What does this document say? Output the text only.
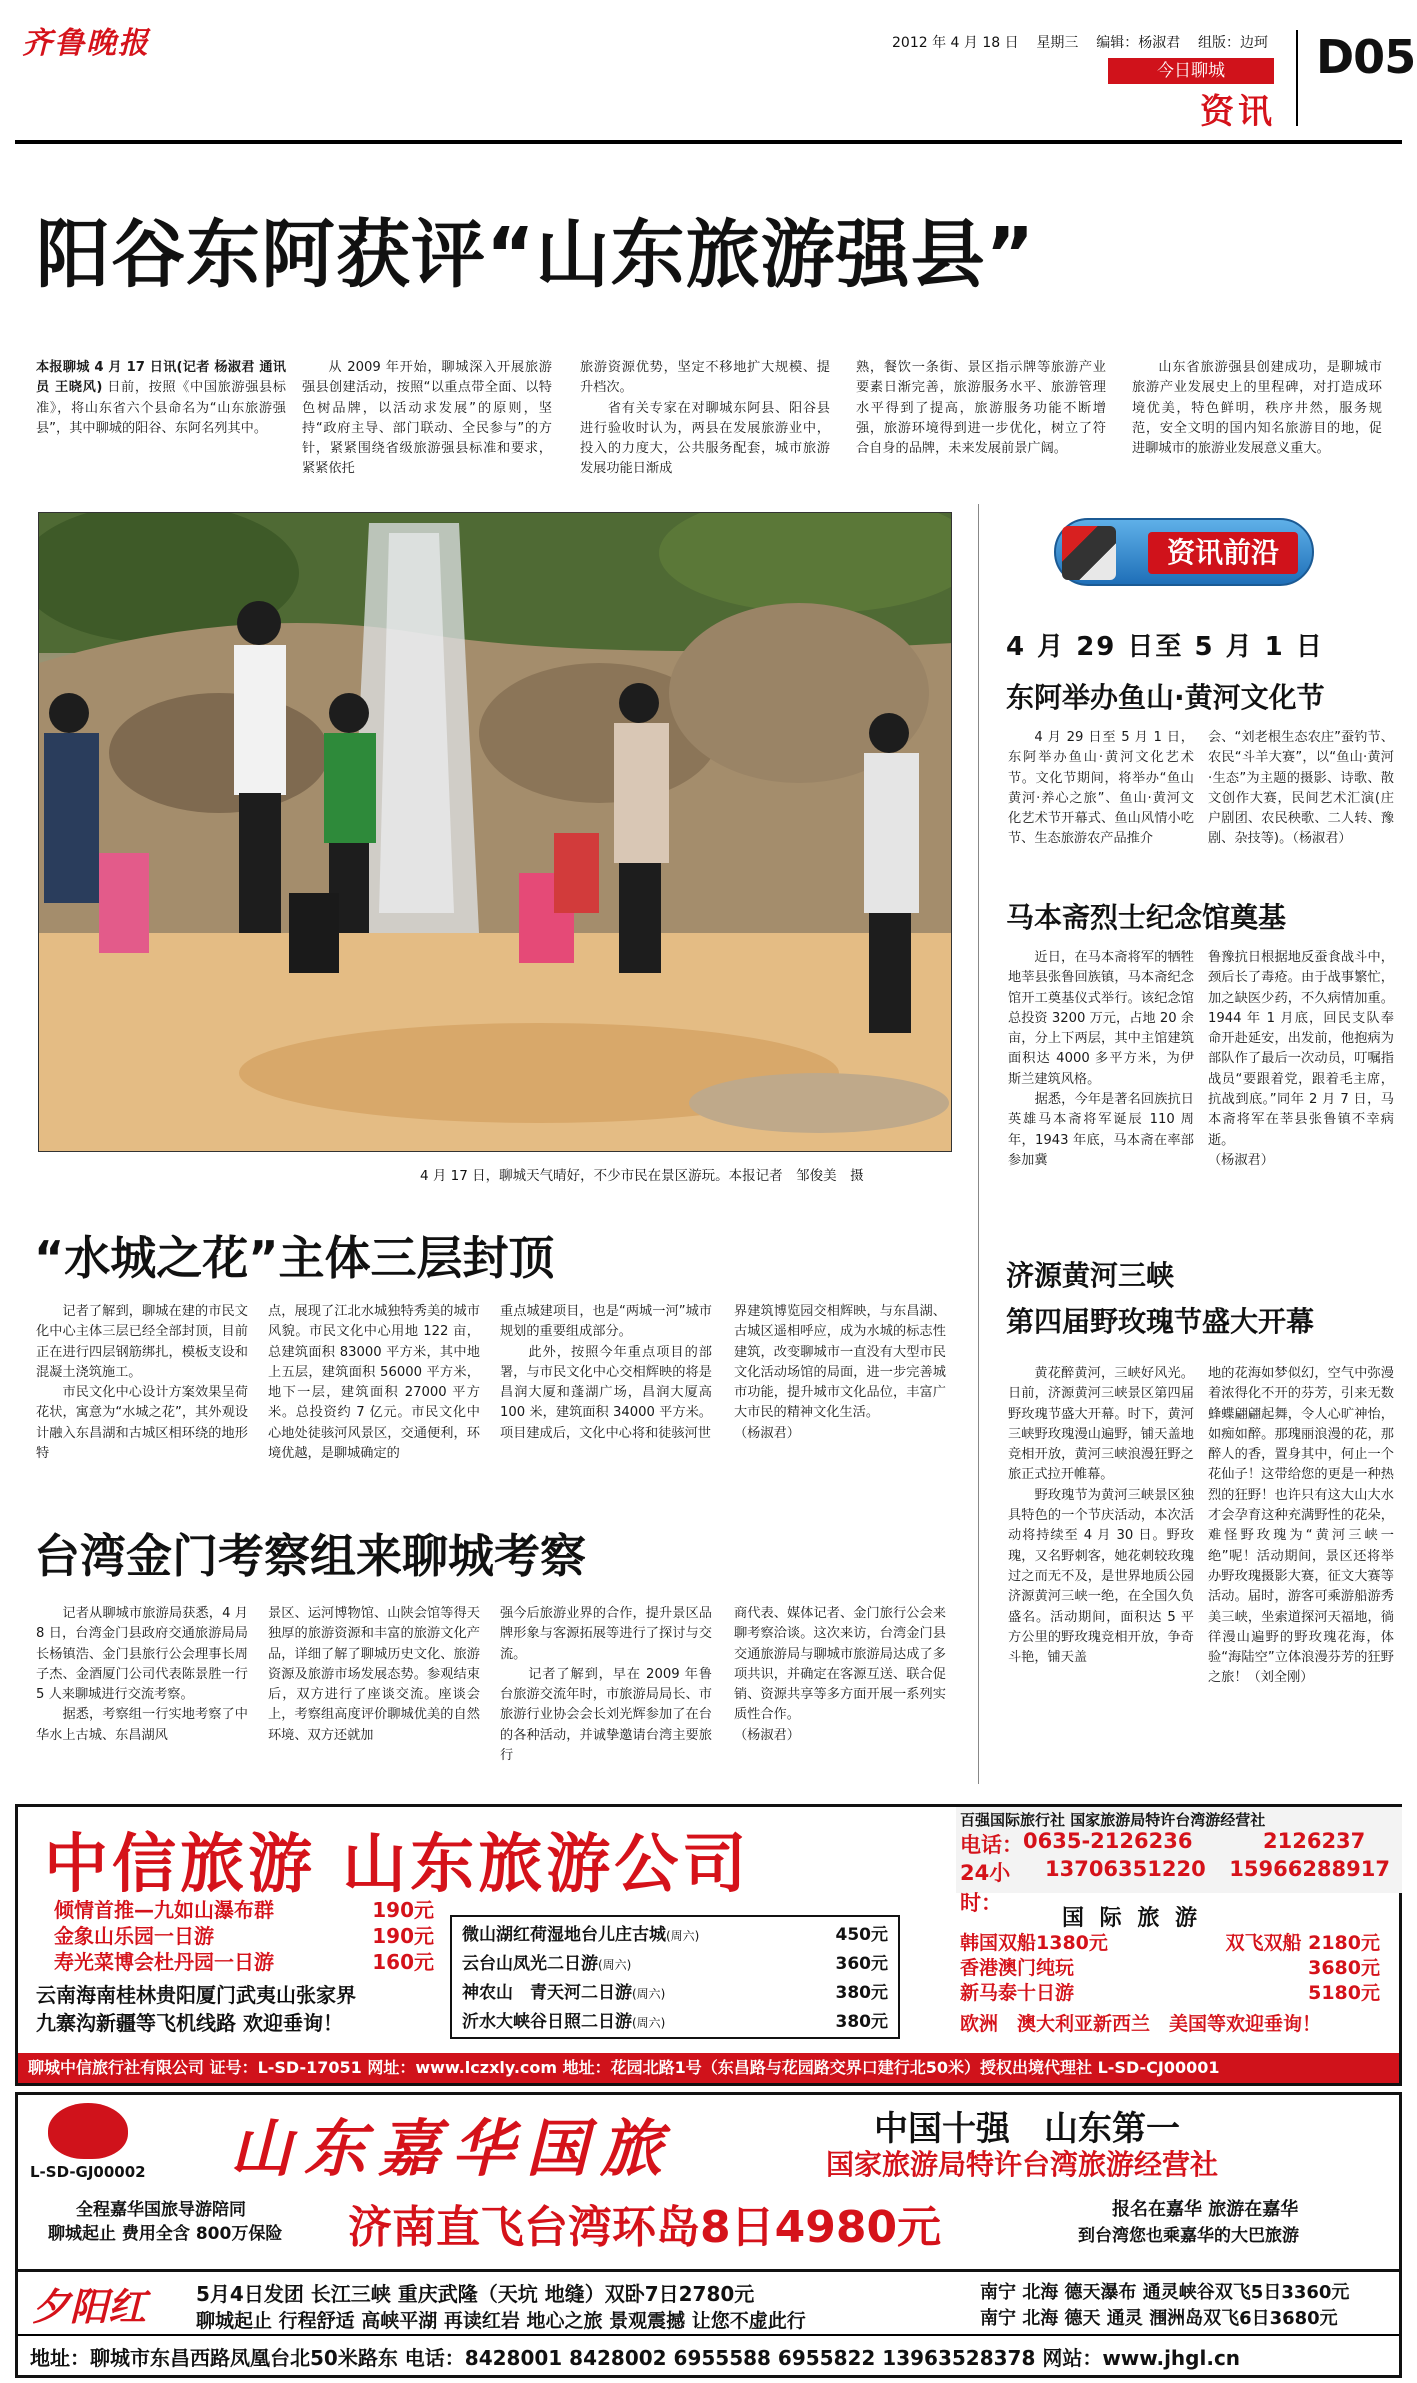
齐鲁晚报	2012 年 4 月 18 日    星期三    编辑：杨淑君    组版：边珂
今日聊城
资讯
D05
阳谷东阿获评“山东旅游强县”
本报聊城 4 月 17 日讯(记者 杨淑君 通讯员 王晓风) 日前，按照《中国旅游强县标准》，将山东省六个县命名为“山东旅游强县”，其中聊城的阳谷、东阿名列其中。
从 2009 年开始，聊城深入开展旅游强县创建活动，按照“以重点带全面、以特色树品牌，以活动求发展”的原则，坚持“政府主导、部门联动、全民参与”的方针，紧紧围绕省级旅游强县标准和要求，紧紧依托
旅游资源优势，坚定不移地扩大规模、提升档次。
　　省有关专家在对聊城东阿县、阳谷县进行验收时认为，两县在发展旅游业中，投入的力度大，公共服务配套，城市旅游发展功能日渐成
熟，餐饮一条街、景区指示牌等旅游产业要素日渐完善，旅游服务水平、旅游管理水平得到了提高，旅游服务功能不断增强，旅游环境得到进一步优化，树立了符合自身的品牌，未来发展前景广阔。
山东省旅游强县创建成功，是聊城市旅游产业发展史上的里程碑，对打造成环境优美，特色鲜明，秩序井然，服务规范，安全文明的国内知名旅游目的地，促进聊城市的旅游业发展意义重大。
4 月 17 日，聊城天气晴好，不少市民在景区游玩。本报记者　邹俊美　摄
资讯前沿
4 月 29 日至 5 月 1 日
东阿举办鱼山·黄河文化节
4 月 29 日至 5 月 1 日，东阿举办鱼山·黄河文化艺术节。文化节期间，将举办“鱼山黄河·养心之旅”、鱼山·黄河文化艺术节开幕式、鱼山风情小吃节、生态旅游农产品推介
会、“刘老根生态农庄”蚕钓节、农民“斗羊大赛”，以“鱼山·黄河·生态”为主题的摄影、诗歌、散文创作大赛，民间艺术汇演(庄户剧团、农民秧歌、二人转、豫剧、杂技等)。（杨淑君）
马本斋烈士纪念馆奠基
近日，在马本斋将军的牺牲地莘县张鲁回族镇，马本斋纪念馆开工奠基仪式举行。该纪念馆总投资 3200 万元，占地 20 余亩，分上下两层，其中主馆建筑面积达 4000 多平方米，为伊斯兰建筑风格。
　　据悉，今年是著名回族抗日英雄马本斋将军诞辰 110 周年，1943 年底，马本斋在率部参加冀
鲁豫抗日根据地反蚕食战斗中，颈后长了毒疮。由于战事繁忙，加之缺医少药，不久病情加重。1944 年 1 月底，回民支队奉命开赴延安，出发前，他抱病为部队作了最后一次动员，叮嘱指战员“要跟着党，跟着毛主席，抗战到底。”同年 2 月 7 日，马本斋将军在莘县张鲁镇不幸病逝。
（杨淑君）
济源黄河三峡
第四届野玫瑰节盛大开幕
黄花醉黄河，三峡好风光。日前，济源黄河三峡景区第四届野玫瑰节盛大开幕。时下，黄河三峡野玫瑰漫山遍野，铺天盖地竞相开放，黄河三峡浪漫狂野之旅正式拉开帷幕。
　　野玫瑰节为黄河三峡景区独具特色的一个节庆活动，本次活动将持续至 4 月 30 日。野玫瑰，又名野刺客，她花刺较玫瑰过之而无不及，是世界地质公园济源黄河三峡一绝，在全国久负盛名。活动期间，面积达 5 平方公里的野玫瑰竞相开放，争奇斗艳，铺天盖
地的花海如梦似幻，空气中弥漫着浓得化不开的芬芳，引来无数蜂蝶翩翩起舞，令人心旷神怡，如痴如醉。那瑰丽浪漫的花，那醉人的香，置身其中，何止一个花仙子！这带给您的更是一种热烈的狂野！也许只有这大山大水才会孕育这种充满野性的花朵，难怪野玫瑰为“黄河三峡一绝”呢！活动期间，景区还将举办野玫瑰摄影大赛，征文大赛等活动。届时，游客可乘游船游秀美三峡，坐索道探河天福地，徜徉漫山遍野的野玫瑰花海，体验“海陆空”立体浪漫芬芳的狂野之旅！（刘全刚）
“水城之花”主体三层封顶
记者了解到，聊城在建的市民文化中心主体三层已经全部封顶，目前正在进行四层钢筋绑扎，模板支设和混凝土浇筑施工。
　　市民文化中心设计方案效果呈荷花状，寓意为“水城之花”，其外观设计融入东昌湖和古城区相环绕的地形特
点，展现了江北水城独特秀美的城市风貌。市民文化中心用地 122 亩，总建筑面积 83000 平方米，其中地上五层，建筑面积 56000 平方米，地下一层，建筑面积 27000 平方米。总投资约 7 亿元。市民文化中心地处徒骇河风景区，交通便利，环境优越，是聊城确定的
重点城建项目，也是“两城一河”城市规划的重要组成部分。
　　此外，按照今年重点项目的部署，与市民文化中心交相辉映的将是昌润大厦和蓬湖广场，昌润大厦高 100 米，建筑面积 34000 平方米。项目建成后，文化中心将和徒骇河世
界建筑博览园交相辉映，与东昌湖、古城区遥相呼应，成为水城的标志性建筑，改变聊城市一直没有大型市民文化活动场馆的局面，进一步完善城市功能，提升城市文化品位，丰富广大市民的精神文化生活。
（杨淑君）
台湾金门考察组来聊城考察
记者从聊城市旅游局获悉，4 月 8 日，台湾金门县政府交通旅游局局长杨镇浩、金门县旅行公会理事长周子杰、金酒厦门公司代表陈景胜一行 5 人来聊城进行交流考察。
　　据悉，考察组一行实地考察了中华水上古城、东昌湖风
景区、运河博物馆、山陕会馆等得天独厚的旅游资源和丰富的旅游文化产品，详细了解了聊城历史文化、旅游资源及旅游市场发展态势。参观结束后，双方进行了座谈交流。座谈会上，考察组高度评价聊城优美的自然环境、双方还就加
强今后旅游业界的合作，提升景区品牌形象与客源拓展等进行了探讨与交流。
　　记者了解到，早在 2009 年鲁台旅游交流年时，市旅游局局长、市旅游行业协会会长刘光辉参加了在台的各种活动，并诚挚邀请台湾主要旅行
商代表、媒体记者、金门旅行公会来聊考察洽谈。这次来访，台湾金门县交通旅游局与聊城市旅游局达成了多项共识，并确定在客源互送、联合促销、资源共享等多方面开展一系列实质性合作。
（杨淑君）
中信旅游 山东旅游公司
百强国际旅行社 国家旅游局特许台湾游经营社
电话： 0635-2126236	2126237
24小时：
13706351220	15966288917
倾情首推—九如山瀑布群	190元
金象山乐园一日游	190元
寿光菜博会杜丹园一日游	160元
云南海南桂林贵阳厦门武夷山张家界
九寨沟新疆等飞机线路 欢迎垂询！
微山湖红荷湿地台儿庄古城(周六)	450元
云台山凤光二日游(周六)	360元
神农山　青天河二日游(周六)	380元
沂水大峡谷日照二日游(周六)	380元
国 际 旅 游
韩国双船1380元	双飞双船 2180元
香港澳门纯玩	3680元
新马泰十日游	5180元
欧洲　澳大利亚新西兰　美国等欢迎垂询！
聊城中信旅行社有限公司 证号：L-SD-17051 网址：www.lczxly.com 地址：花园北路1号（东昌路与花园路交界口建行北50米）授权出境代理社 L-SD-CJ00001
L-SD-GJ00002 山东嘉华国旅	中国十强　山东第一
国家旅游局特许台湾旅游经营社
全程嘉华国旅导游陪同
聊城起止 费用全含 800万保险 济南直飞台湾环岛8日4980元	报名在嘉华 旅游在嘉华
到台湾您也乘嘉华的大巴旅游
夕阳红 5月4日发团 长江三峡 重庆武隆（天坑 地缝）双卧7日2780元
聊城起止 行程舒适 高峡平湖 再读红岩 地心之旅 景观震撼 让您不虚此行
南宁 北海 德天瀑布 通灵峡谷双飞5日3360元
南宁 北海 德天 通灵 涠洲岛双飞6日3680元
地址：聊城市东昌西路凤凰台北50米路东 电话：8428001 8428002 6955588 6955822 13963528378 网站：www.jhgl.cn
